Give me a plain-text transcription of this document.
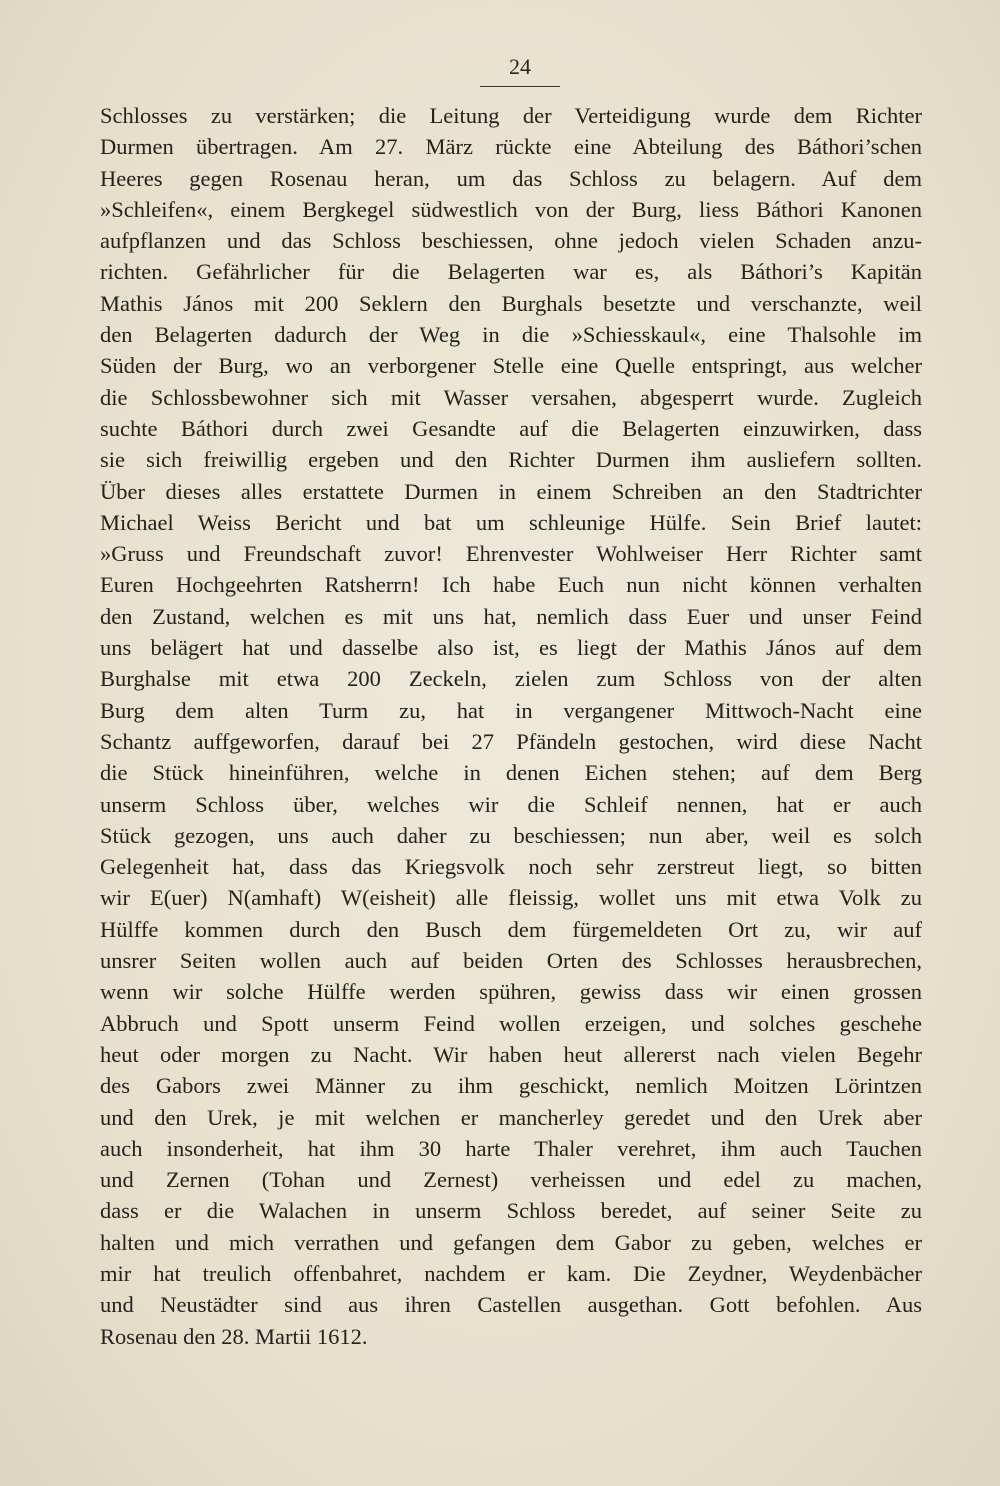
24
Schlosses zu verstärken; die Leitung der Verteidigung wurde dem Richter
Durmen übertragen. Am 27. März rückte eine Abteilung des Báthori’schen
Heeres gegen Rosenau heran, um das Schloss zu belagern. Auf dem
»Schleifen«, einem Bergkegel südwestlich von der Burg, liess Báthori Kanonen
aufpflanzen und das Schloss beschiessen, ohne jedoch vielen Schaden anzu-
richten. Gefährlicher für die Belagerten war es, als Báthori’s Kapitän
Mathis János mit 200 Seklern den Burghals besetzte und verschanzte, weil
den Belagerten dadurch der Weg in die »Schiesskaul«, eine Thalsohle im
Süden der Burg, wo an verborgener Stelle eine Quelle entspringt, aus welcher
die Schlossbewohner sich mit Wasser versahen, abgesperrt wurde. Zugleich
suchte Báthori durch zwei Gesandte auf die Belagerten einzuwirken, dass
sie sich freiwillig ergeben und den Richter Durmen ihm ausliefern sollten.
Über dieses alles erstattete Durmen in einem Schreiben an den Stadtrichter
Michael Weiss Bericht und bat um schleunige Hülfe. Sein Brief lautet:
»Gruss und Freundschaft zuvor! Ehrenvester Wohlweiser Herr Richter samt
Euren Hochgeehrten Ratsherrn! Ich habe Euch nun nicht können verhalten
den Zustand, welchen es mit uns hat, nemlich dass Euer und unser Feind
uns belägert hat und dasselbe also ist, es liegt der Mathis János auf dem
Burghalse mit etwa 200 Zeckeln, zielen zum Schloss von der alten
Burg dem alten Turm zu, hat in vergangener Mittwoch-Nacht eine
Schantz auffgeworfen, darauf bei 27 Pfändeln gestochen, wird diese Nacht
die Stück hineinführen, welche in denen Eichen stehen; auf dem Berg
unserm Schloss über, welches wir die Schleif nennen, hat er auch
Stück gezogen, uns auch daher zu beschiessen; nun aber, weil es solch
Gelegenheit hat, dass das Kriegsvolk noch sehr zerstreut liegt, so bitten
wir E(uer) N(amhaft) W(eisheit) alle fleissig, wollet uns mit etwa Volk zu
Hülffe kommen durch den Busch dem fürgemeldeten Ort zu, wir auf
unsrer Seiten wollen auch auf beiden Orten des Schlosses herausbrechen,
wenn wir solche Hülffe werden spühren, gewiss dass wir einen grossen
Abbruch und Spott unserm Feind wollen erzeigen, und solches geschehe
heut oder morgen zu Nacht. Wir haben heut allererst nach vielen Begehr
des Gabors zwei Männer zu ihm geschickt, nemlich Moitzen Lörintzen
und den Urek, je mit welchen er mancherley geredet und den Urek aber
auch insonderheit, hat ihm 30 harte Thaler verehret, ihm auch Tauchen
und Zernen (Tohan und Zernest) verheissen und edel zu machen,
dass er die Walachen in unserm Schloss beredet, auf seiner Seite zu
halten und mich verrathen und gefangen dem Gabor zu geben, welches er
mir hat treulich offenbahret, nachdem er kam. Die Zeydner, Weydenbächer
und Neustädter sind aus ihren Castellen ausgethan. Gott befohlen. Aus
Rosenau den 28. Martii 1612.
